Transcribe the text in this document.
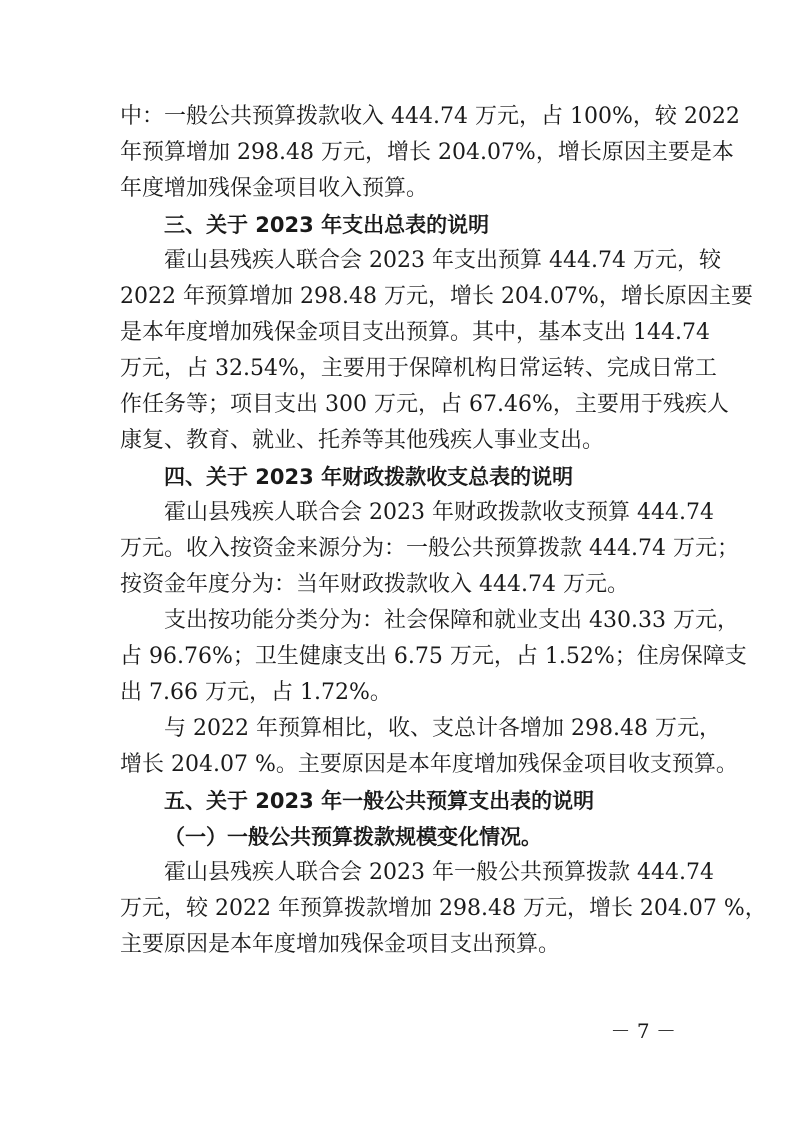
中：一般公共预算拨款收入 444.74 万元，占 100%，较 2022
年预算增加 298.48 万元，增长 204.07%，增长原因主要是本
年度增加残保金项目收入预算。
三、关于 2023 年支出总表的说明
霍山县残疾人联合会 2023 年支出预算 444.74 万元，较
2022 年预算增加 298.48 万元，增长 204.07%，增长原因主要
是本年度增加残保金项目支出预算。其中，基本支出 144.74
万元，占 32.54%，主要用于保障机构日常运转、完成日常工
作任务等；项目支出 300 万元，占 67.46%，主要用于残疾人
康复、教育、就业、托养等其他残疾人事业支出。
四、关于 2023 年财政拨款收支总表的说明
霍山县残疾人联合会 2023 年财政拨款收支预算 444.74
万元。收入按资金来源分为：一般公共预算拨款 444.74 万元；
按资金年度分为：当年财政拨款收入 444.74 万元。
支出按功能分类分为：社会保障和就业支出 430.33 万元，
占 96.76%；卫生健康支出 6.75 万元，占 1.52%；住房保障支
出 7.66 万元，占 1.72%。
与 2022 年预算相比，收、支总计各增加 298.48 万元，
增长 204.07 %。主要原因是本年度增加残保金项目收支预算。
五、关于 2023 年一般公共预算支出表的说明
（一）一般公共预算拨款规模变化情况。
霍山县残疾人联合会 2023 年一般公共预算拨款 444.74
万元，较 2022 年预算拨款增加 298.48 万元，增长 204.07 %，
主要原因是本年度增加残保金项目支出预算。
－ 7 －
